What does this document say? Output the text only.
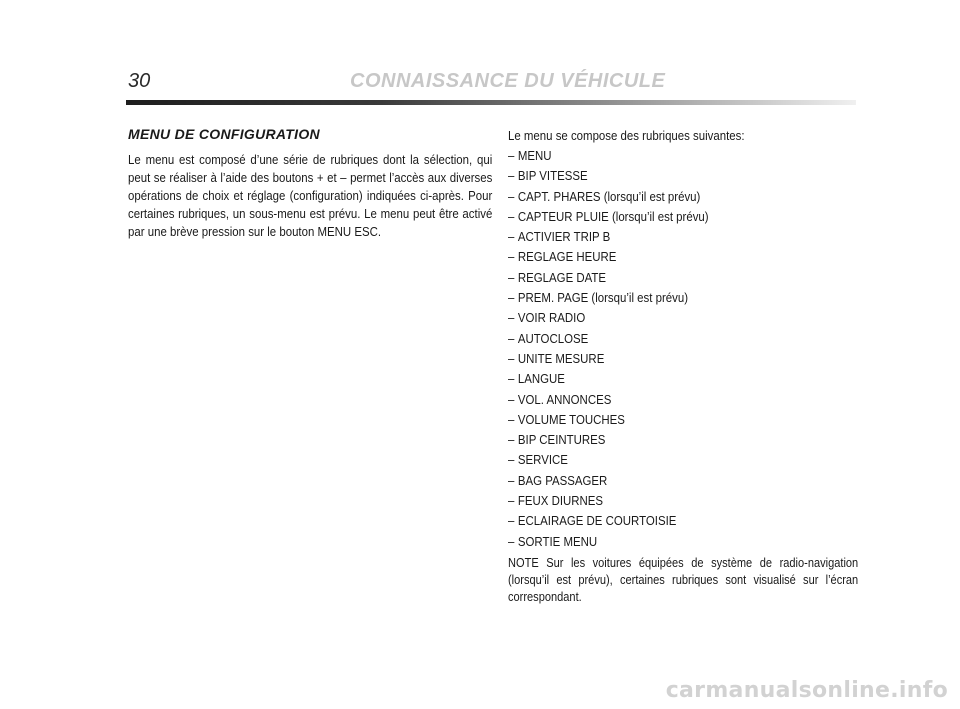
30	CONNAISSANCE DU VÉHICULE
MENU DE CONFIGURATION

Le menu est composé d’une série de rubriques dont la sélection, qui peut se réaliser à l’aide des boutons + et – permet l’accès aux diverses opérations de choix et réglage (configuration) indiquées ci-après. Pour certaines rubriques, un sous-menu est prévu. Le menu peut être activé par une brève pression sur le bouton MENU ESC.

Le menu se compose des rubriques suivantes:

– MENU
– BIP VITESSE
– CAPT. PHARES (lorsqu’il est prévu)
– CAPTEUR PLUIE (lorsqu’il est prévu)
– ACTIVIER TRIP B
– REGLAGE HEURE
– REGLAGE DATE
– PREM. PAGE (lorsqu’il est prévu)
– VOIR RADIO
– AUTOCLOSE
– UNITE MESURE
– LANGUE
– VOL. ANNONCES
– VOLUME TOUCHES
– BIP CEINTURES
– SERVICE
– BAG PASSAGER
– FEUX DIURNES
– ECLAIRAGE DE COURTOISIE
– SORTIE MENU

NOTE Sur les voitures équipées de système de radio-navigation (lorsqu’il est prévu), certaines rubriques sont visualisé sur l’écran correspondant.

carmanualsonline.info
